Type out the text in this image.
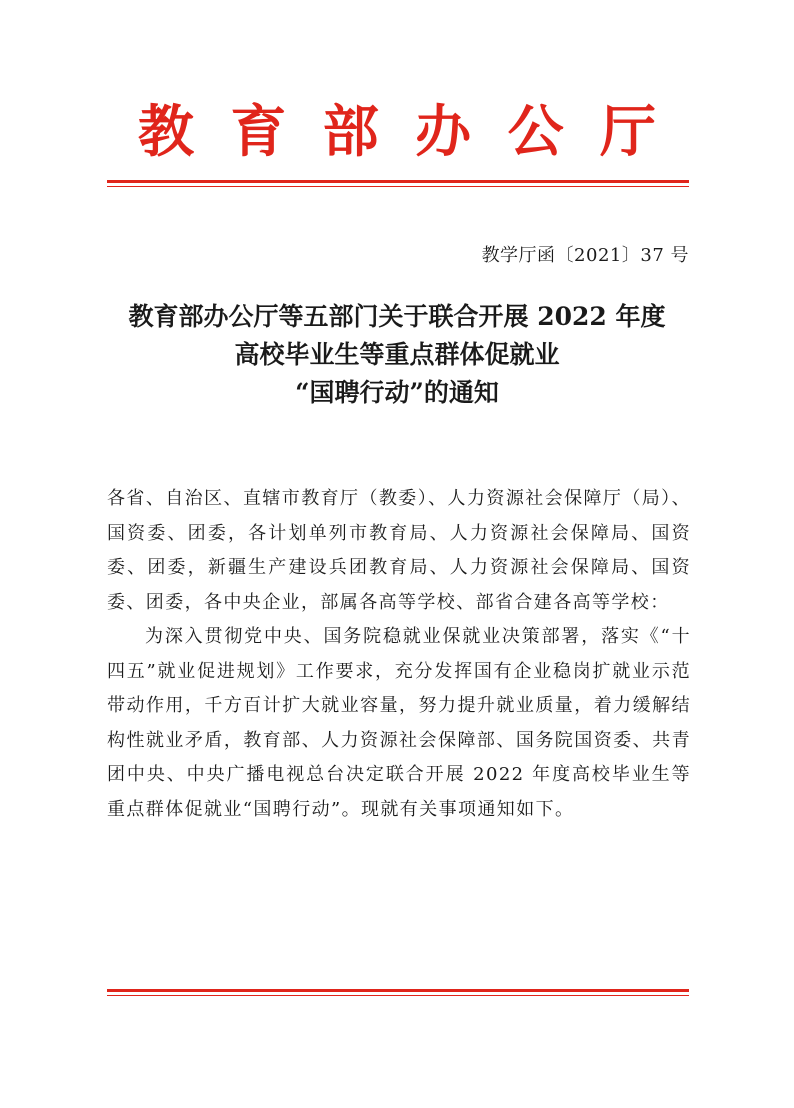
教 育 部 办 公 厅
教学厅函〔2021〕37 号
教育部办公厅等五部门关于联合开展 2022 年度
高校毕业生等重点群体促就业
“国聘行动”的通知

各省、自治区、直辖市教育厅（教委）、人力资源社会保障厅（局）、国资委、团委，各计划单列市教育局、人力资源社会保障局、国资委、团委，新疆生产建设兵团教育局、人力资源社会保障局、国资委、团委，各中央企业，部属各高等学校、部省合建各高等学校：

为深入贯彻党中央、国务院稳就业保就业决策部署，落实《“十四五”就业促进规划》工作要求，充分发挥国有企业稳岗扩就业示范带动作用，千方百计扩大就业容量，努力提升就业质量，着力缓解结构性就业矛盾，教育部、人力资源社会保障部、国务院国资委、共青团中央、中央广播电视总台决定联合开展 2022 年度高校毕业生等重点群体促就业“国聘行动”。现就有关事项通知如下。
